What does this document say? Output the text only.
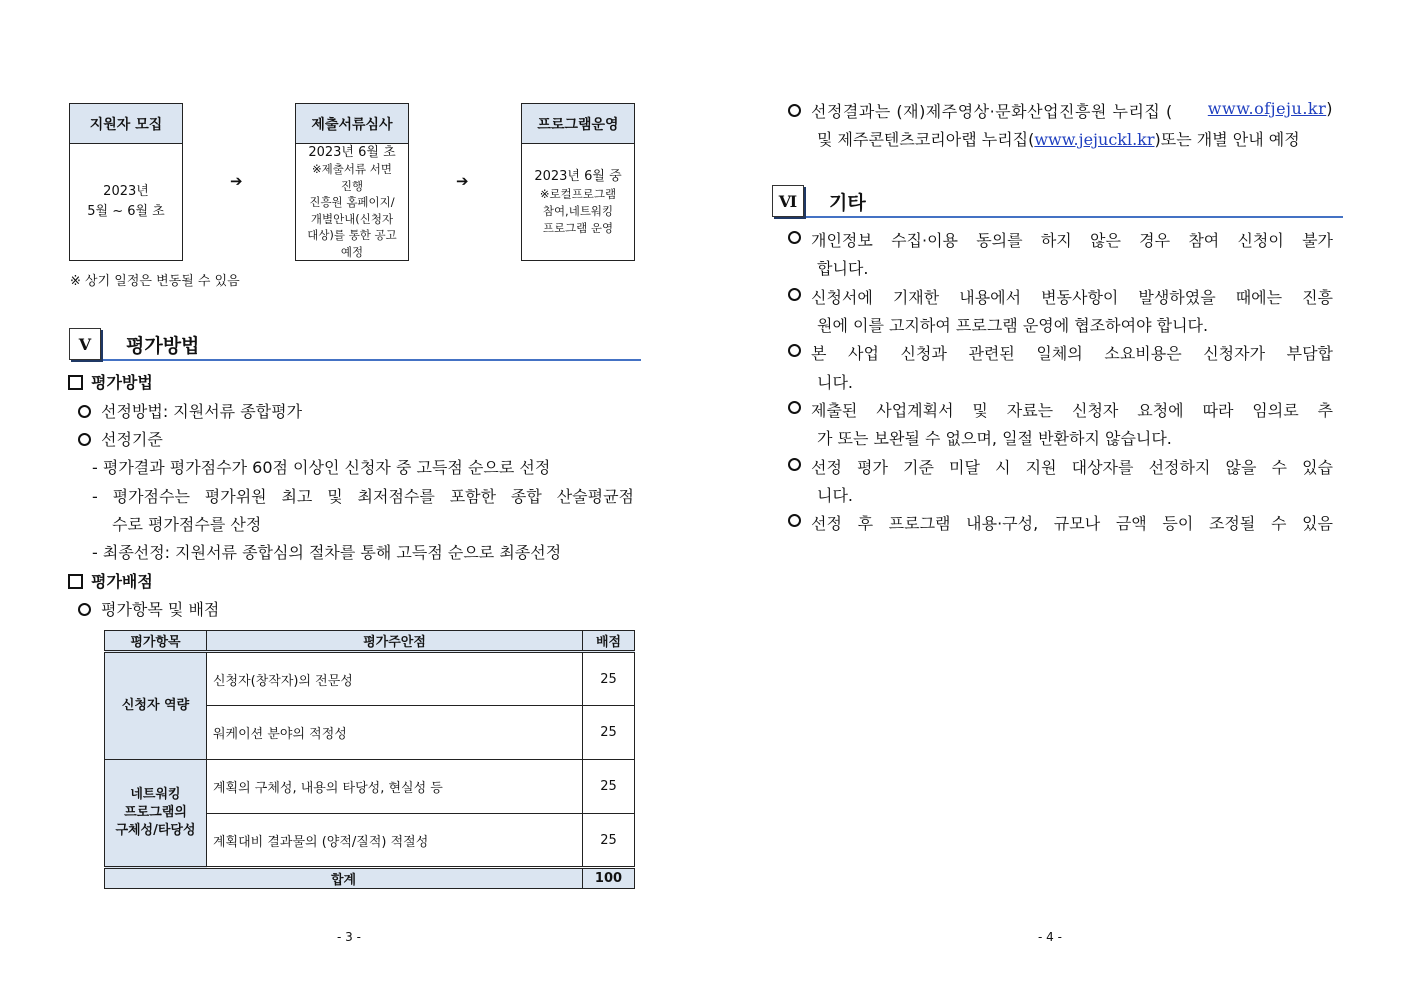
지원자 모집
2023년
5월 ~ 6월 초
➔
제출서류심사
2023년 6월 초
※제출서류 서면
진행
진흥원 홈페이지/
개별안내(신청자
대상)를 통한 공고
예정
➔
프로그램운영
2023년 6월 중
※로컬프로그램
참여,네트워킹
프로그램 운영
※ 상기 일정은 변동될 수 있음
Ⅴ	평가방법
평가방법
선정방법: 지원서류 종합평가
선정기준
- 평가결과 평가점수가 60점 이상인 신청자 중 고득점 순으로 선정
- 평가점수는 평가위원 최고 및 최저점수를 포함한 종합 산술평균점
수로 평가점수를 산정
- 최종선정: 지원서류 종합심의 절차를 통해 고득점 순으로 최종선정
평가배점
평가항목 및 배점
평가항목	평가주안점	배점
신청자 역량	신청자(창작자)의 전문성	25
	워케이션 분야의 적정성	25

네트워킹
프로그램의
구체성/타당성	계획의 구체성, 내용의 타당성, 현실성 등	25
	계획대비 결과물의 (양적/질적) 적절성	25
합계		100
- 3 -
선정결과는 (재)제주영상·문화산업진흥원 누리집 ( www.ofjeju.kr)
및 제주콘텐츠코리아랩 누리집(www.jejuckl.kr)또는 개별 안내 예정
Ⅵ	기타
개인정보 수집·이용 동의를 하지 않은 경우 참여 신청이 불가
합니다.
신청서에 기재한 내용에서 변동사항이 발생하였을 때에는 진흥
원에 이를 고지하여 프로그램 운영에 협조하여야 합니다.
본 사업 신청과 관련된 일체의 소요비용은 신청자가 부담합
니다.
제출된 사업계획서 및 자료는 신청자 요청에 따라 임의로 추
가 또는 보완될 수 없으며, 일절 반환하지 않습니다.
선정 평가 기준 미달 시 지원 대상자를 선정하지 않을 수 있습
니다.
선정 후 프로그램 내용·구성, 규모나 금액 등이 조정될 수 있음
- 4 -
